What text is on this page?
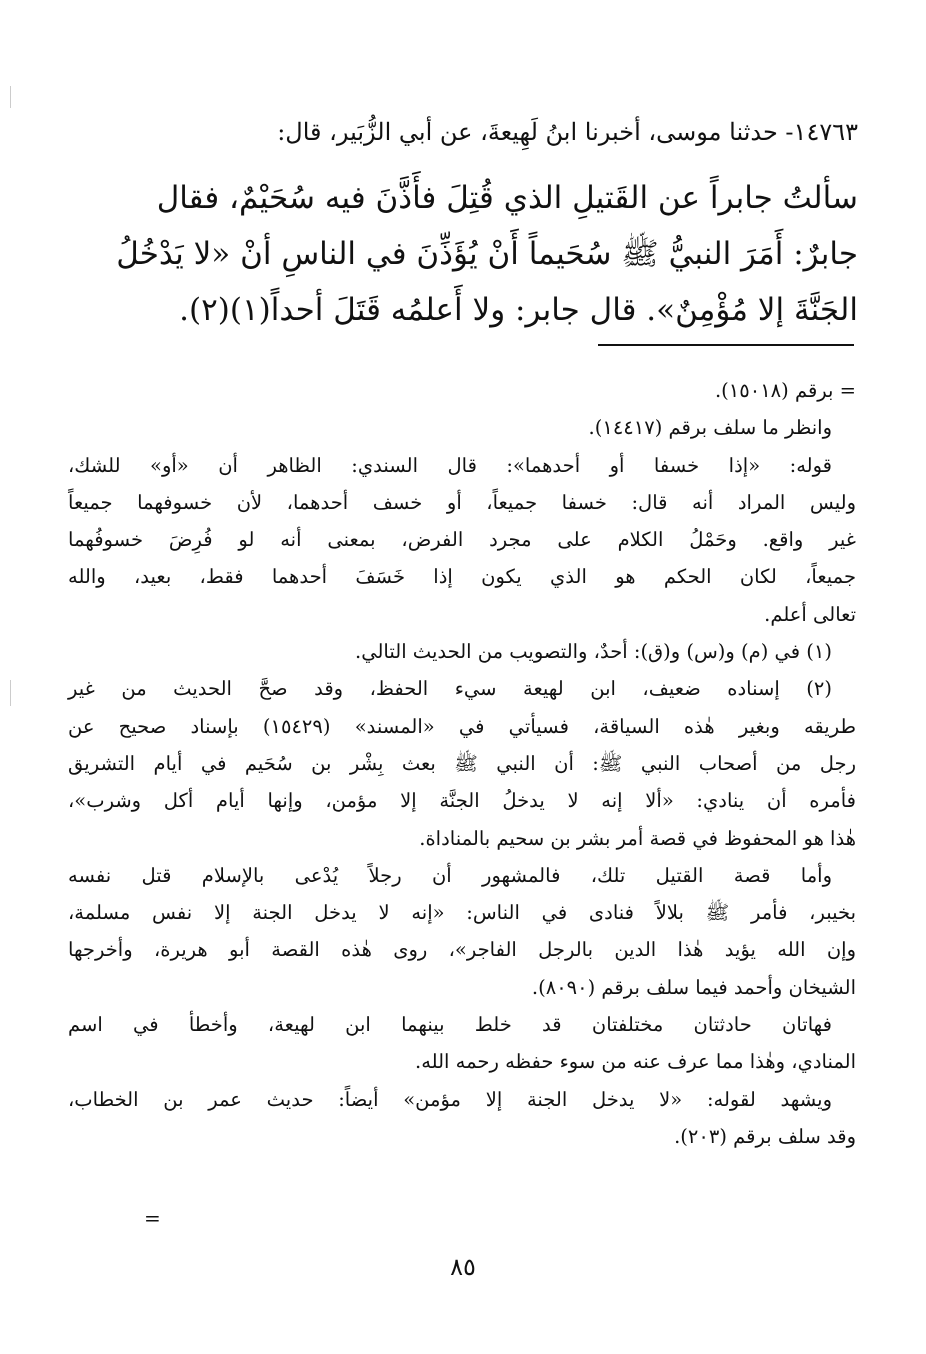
١٤٧٦٣- حدثنا موسى، أخبرنا ابنُ لَهِيعةَ، عن أبي الزُّبَير، قال:
سألتُ جابراً عن القَتيلِ الذي قُتِلَ فأَذَّنَ فيه سُحَيْمٌ، فقال
جابرٌ: أَمَرَ النبيُّ ﷺ سُحَيماً أَنْ يُؤَذِّنَ في الناسِ أنْ «لا يَدْخُلُ
الجَنَّةَ إلا مُؤْمِنٌ». قال جابر: ولا أَعلمُه قَتَلَ أحداً(١)(٢).
= برقم (١٥٠١٨).
وانظر ما سلف برقم (١٤٤١٧).
قوله: «إذا خسفا أو أحدهما»: قال السندي: الظاهر أن «أو» للشك،
وليس المراد أنه قال: خسفا جميعاً، أو خسف أحدهما، لأن خسوفهما جميعاً
غير واقع. وحَمْلُ الكلام على مجرد الفرض، بمعنى أنه لو فُرِضَ خسوفُهما
جميعاً، لكان الحكم هو الذي يكون إذا خَسَفَ أحدهما فقط، بعيد، والله
تعالى أعلم.
(١) في (م) و(س) و(ق): أحدٌ، والتصويب من الحديث التالي.
(٢) إسناده ضعيف، ابن لهيعة سيء الحفظ، وقد صحَّ الحديث من غير
طريقه وبغير هٰذه السياقة، فسيأتي في «المسند» (١٥٤٢٩) بإسناد صحيح عن
رجل من أصحاب النبي ﷺ: أن النبي ﷺ بعث بِشْر بن سُحَيم في أيام التشريق
فأمره أن ينادي: «ألا إنه لا يدخلُ الجنَّة إلا مؤمن، وإنها أيام أكل وشرب»،
هٰذا هو المحفوظ في قصة أمر بشر بن سحيم بالمناداة.
وأما قصة القتيل تلك، فالمشهور أن رجلاً يُدْعى بالإسلام قتل نفسه
بخيبر، فأمر ﷺ بلالاً فنادى في الناس: «إنه لا يدخل الجنة إلا نفس مسلمة،
وإن الله يؤيد هٰذا الدين بالرجل الفاجر»، روى هٰذه القصة أبو هريرة، وأخرجها
الشيخان وأحمد فيما سلف برقم (٨٠٩٠).
فهاتان حادثتان مختلفتان قد خلط بينهما ابن لهيعة، وأخطأ في اسم
المنادي، وهٰذا مما عرف عنه من سوء حفظه رحمه الله.
ويشهد لقوله: «لا يدخل الجنة إلا مؤمن» أيضاً: حديث عمر بن الخطاب،
وقد سلف برقم (٢٠٣).
=
٨٥
